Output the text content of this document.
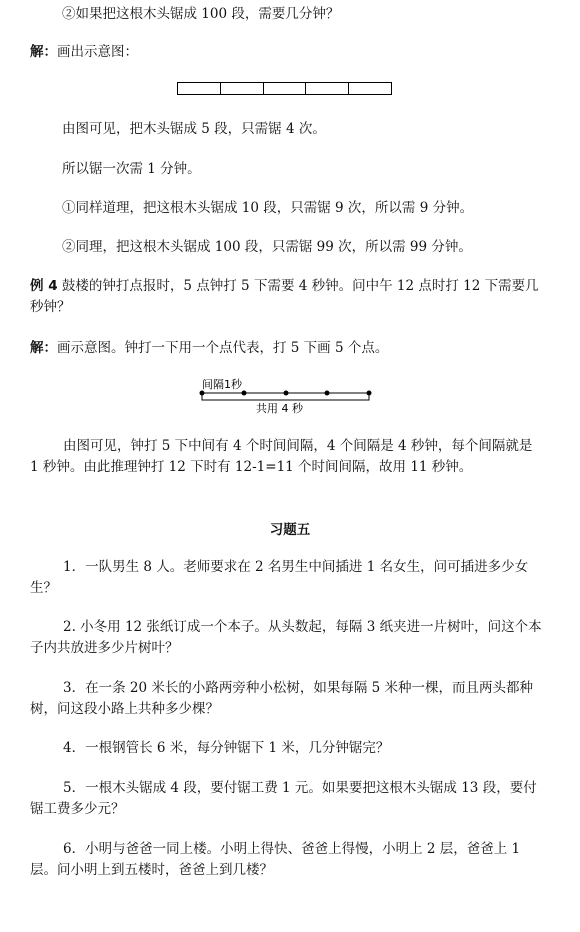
②如果把这根木头锯成 100 段，需要几分钟？
解：画出示意图：
由图可见，把木头锯成 5 段，只需锯 4 次。
所以锯一次需 1 分钟。
①同样道理，把这根木头锯成 10 段，只需锯 9 次，所以需 9 分钟。
②同理，把这根木头锯成 100 段，只需锯 99 次，所以需 99 分钟。
例 4 鼓楼的钟打点报时，5 点钟打 5 下需要 4 秒钟。问中午 12 点时打 12 下需要几秒钟？
解：画示意图。钟打一下用一个点代表，打 5 下画 5 个点。
间隔1秒
共用 4 秒
由图可见，钟打 5 下中间有 4 个时间间隔，4 个间隔是 4 秒钟，每个间隔就是 1 秒钟。由此推理钟打 12 下时有 12-1=11 个时间间隔，故用 11 秒钟。
习题五
1．一队男生 8 人。老师要求在 2 名男生中间插进 1 名女生，问可插进多少女生？
2. 小冬用 12 张纸订成一个本子。从头数起，每隔 3 纸夹进一片树叶，问这个本子内共放进多少片树叶？
3．在一条 20 米长的小路两旁种小松树，如果每隔 5 米种一棵，而且两头都种树，问这段小路上共种多少棵？
4．一根钢管长 6 米，每分钟锯下 1 米，几分钟锯完？
5．一根木头锯成 4 段，要付锯工费 1 元。如果要把这根木头锯成 13 段，要付锯工费多少元？
6．小明与爸爸一同上楼。小明上得快、爸爸上得慢，小明上 2 层，爸爸上 1 层。问小明上到五楼时，爸爸上到几楼？
